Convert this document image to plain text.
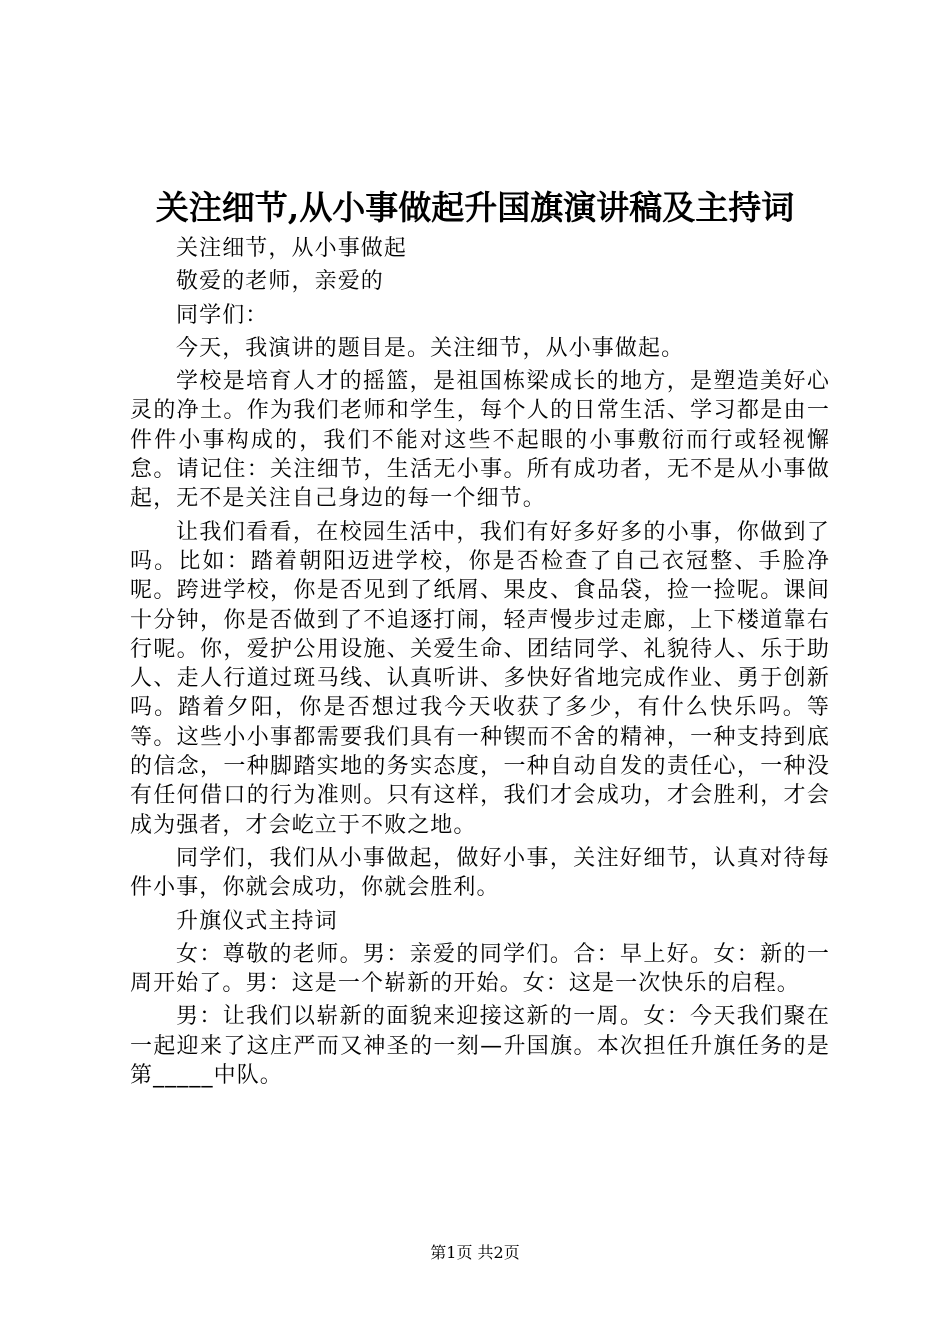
关注细节,从小事做起升国旗演讲稿及主持词

关注细节，从小事做起

敬爱的老师，亲爱的

同学们：

今天，我演讲的题目是。关注细节，从小事做起。

学校是培育人才的摇篮，是祖国栋梁成长的地方，是塑造美好心灵的净土。作为我们老师和学生，每个人的日常生活、学习都是由一件件小事构成的，我们不能对这些不起眼的小事敷衍而行或轻视懈怠。请记住：关注细节，生活无小事。所有成功者，无不是从小事做起，无不是关注自己身边的每一个细节。

让我们看看，在校园生活中，我们有好多好多的小事，你做到了吗。比如：踏着朝阳迈进学校，你是否检查了自己衣冠整、手脸净呢。跨进学校，你是否见到了纸屑、果皮、食品袋，捡一捡呢。课间十分钟，你是否做到了不追逐打闹，轻声慢步过走廊，上下楼道靠右行呢。你，爱护公用设施、关爱生命、团结同学、礼貌待人、乐于助人、走人行道过斑马线、认真听讲、多快好省地完成作业、勇于创新吗。踏着夕阳，你是否想过我今天收获了多少，有什么快乐吗。等等。这些小小事都需要我们具有一种锲而不舍的精神，一种支持到底的信念，一种脚踏实地的务实态度，一种自动自发的责任心，一种没有任何借口的行为准则。只有这样，我们才会成功，才会胜利，才会成为强者，才会屹立于不败之地。

同学们，我们从小事做起，做好小事，关注好细节，认真对待每件小事，你就会成功，你就会胜利。

升旗仪式主持词

女：尊敬的老师。男：亲爱的同学们。合：早上好。女：新的一周开始了。男：这是一个崭新的开始。女：这是一次快乐的启程。

男：让我们以崭新的面貌来迎接这新的一周。女：今天我们聚在一起迎来了这庄严而又神圣的一刻—升国旗。本次担任升旗任务的是第_____中队。

第1页 共2页
